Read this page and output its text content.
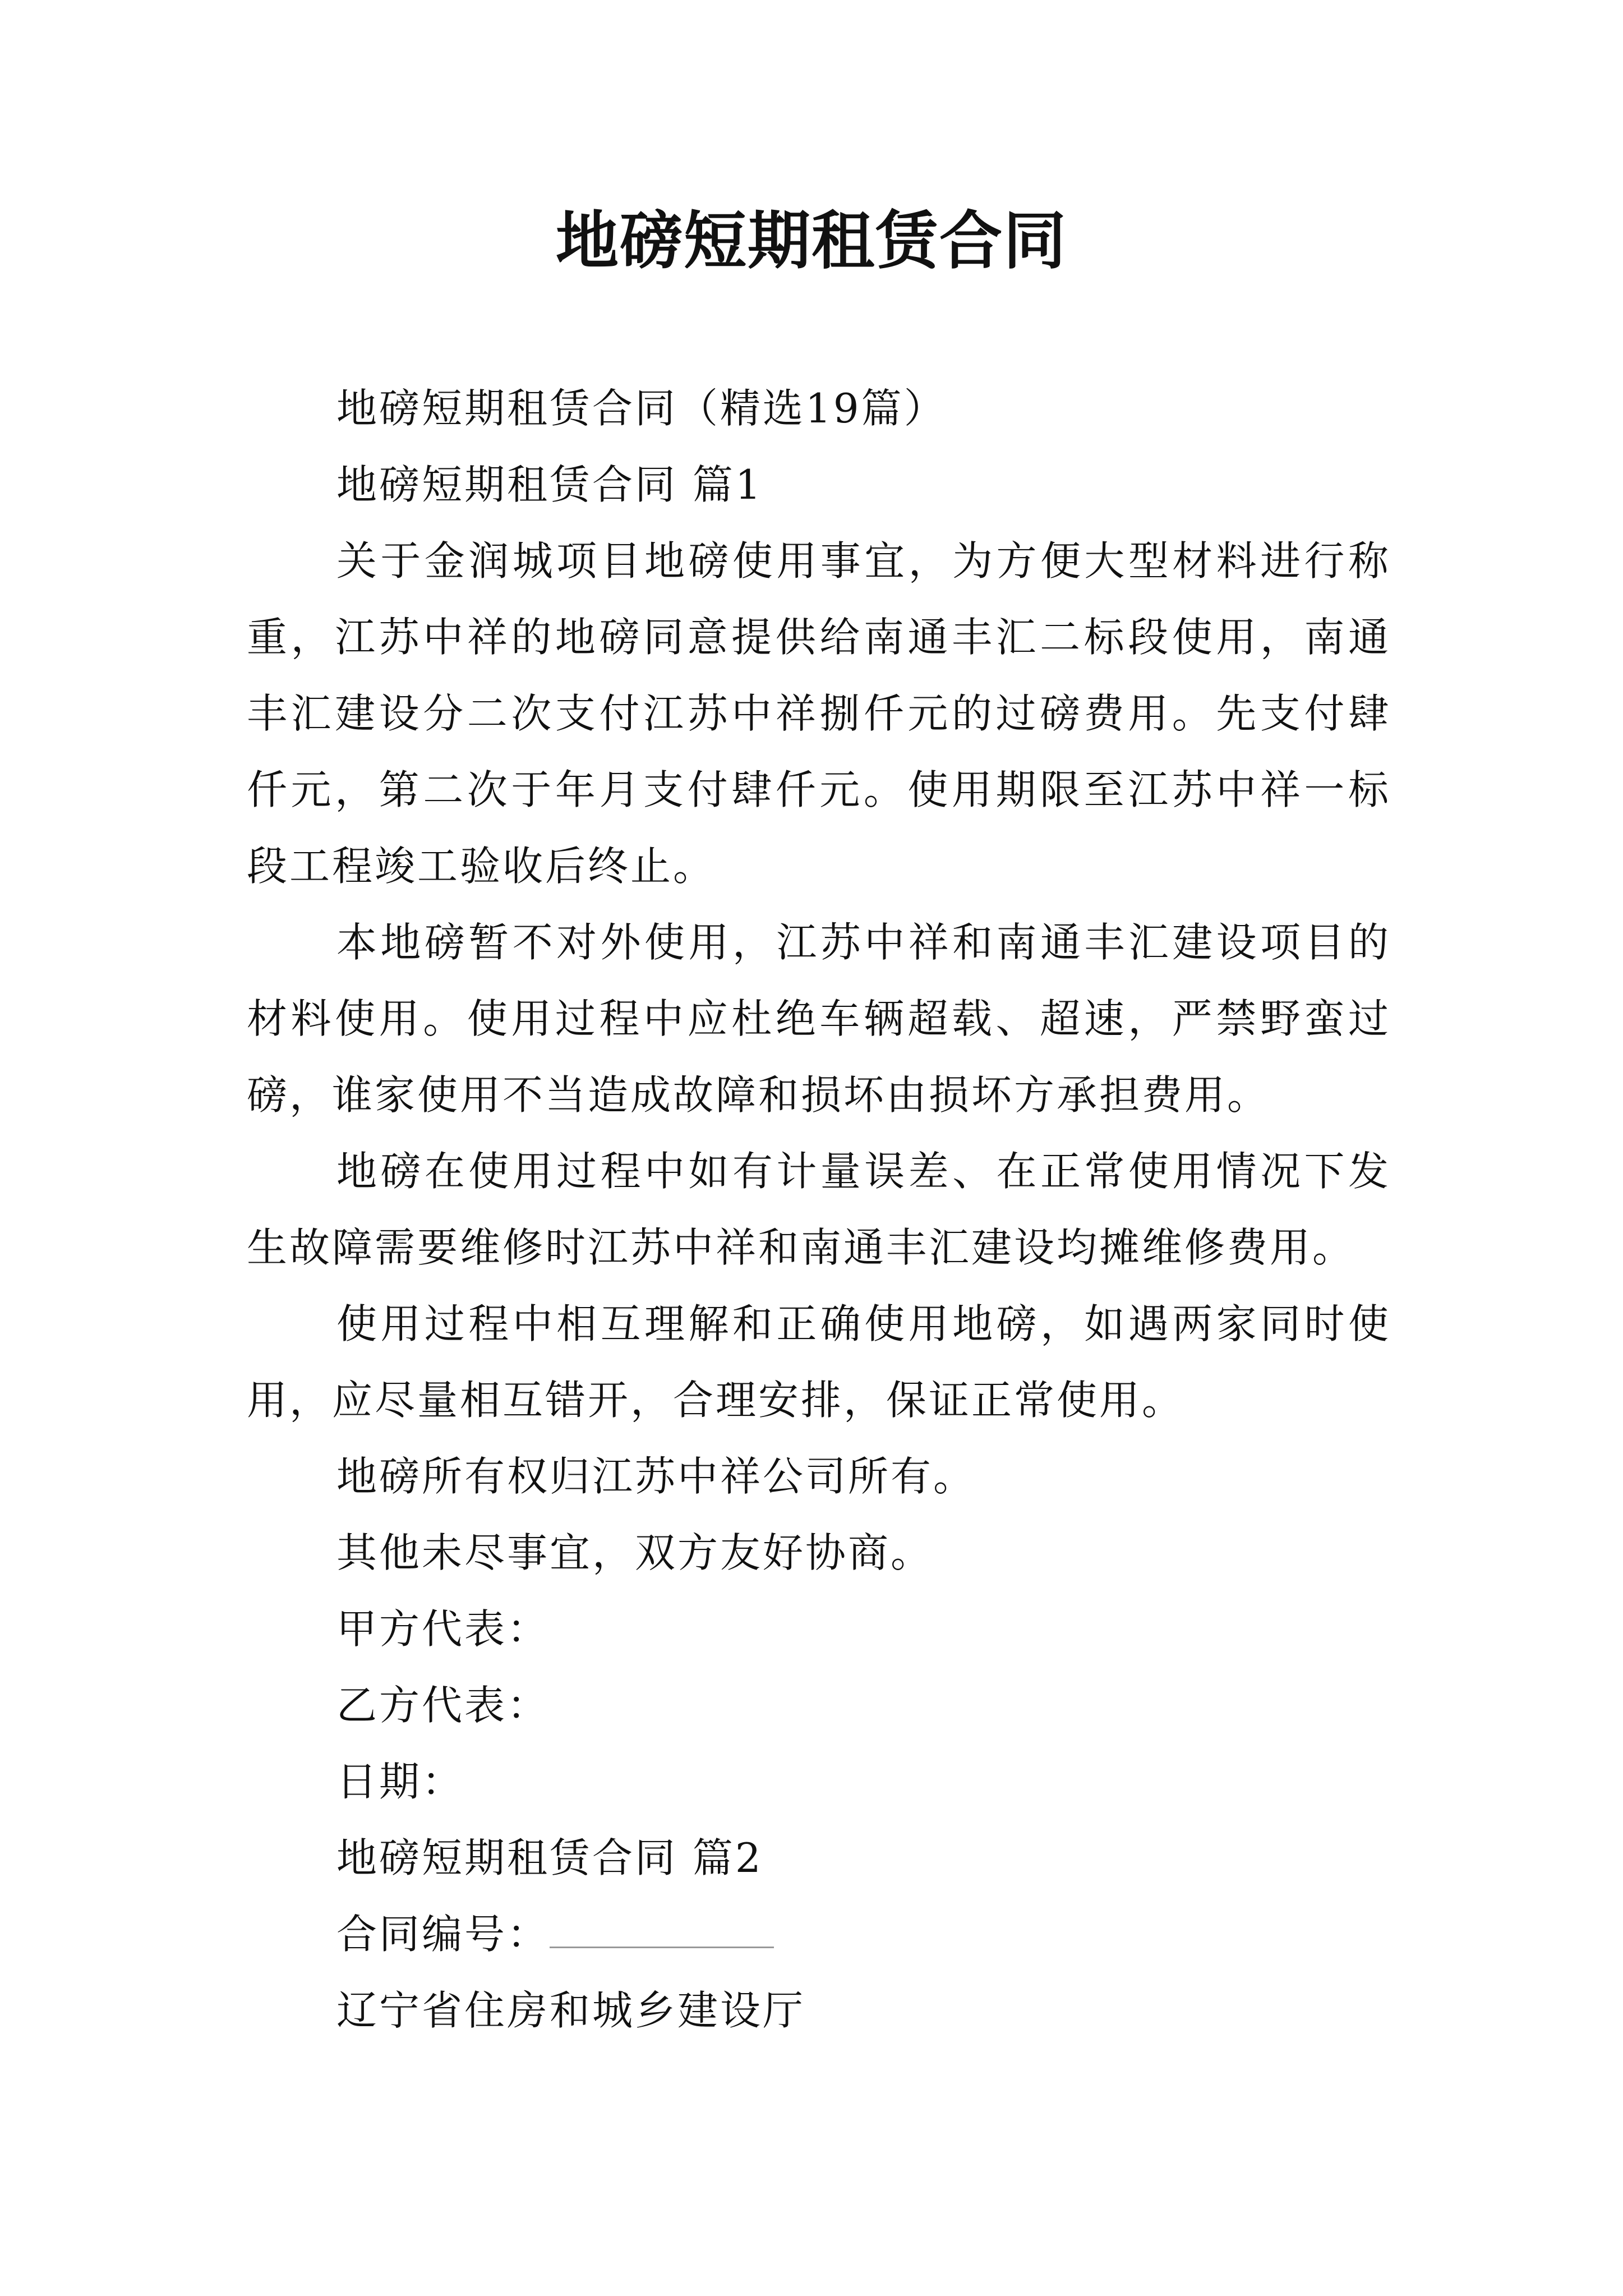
地磅短期租赁合同

地磅短期租赁合同（精选19篇）

地磅短期租赁合同 篇1

关于金润城项目地磅使用事宜，为方便大型材料进行称重，江苏中祥的地磅同意提供给南通丰汇二标段使用，南通丰汇建设分二次支付江苏中祥捌仟元的过磅费用。先支付肆仟元，第二次于年月支付肆仟元。使用期限至江苏中祥一标段工程竣工验收后终止。

本地磅暂不对外使用，江苏中祥和南通丰汇建设项目的材料使用。使用过程中应杜绝车辆超载、超速，严禁野蛮过磅，谁家使用不当造成故障和损坏由损坏方承担费用。

地磅在使用过程中如有计量误差、在正常使用情况下发生故障需要维修时江苏中祥和南通丰汇建设均摊维修费用。

使用过程中相互理解和正确使用地磅，如遇两家同时使用，应尽量相互错开，合理安排，保证正常使用。

地磅所有权归江苏中祥公司所有。

其他未尽事宜，双方友好协商。

甲方代表：

乙方代表：

日期：

地磅短期租赁合同 篇2

合同编号：

辽宁省住房和城乡建设厅
